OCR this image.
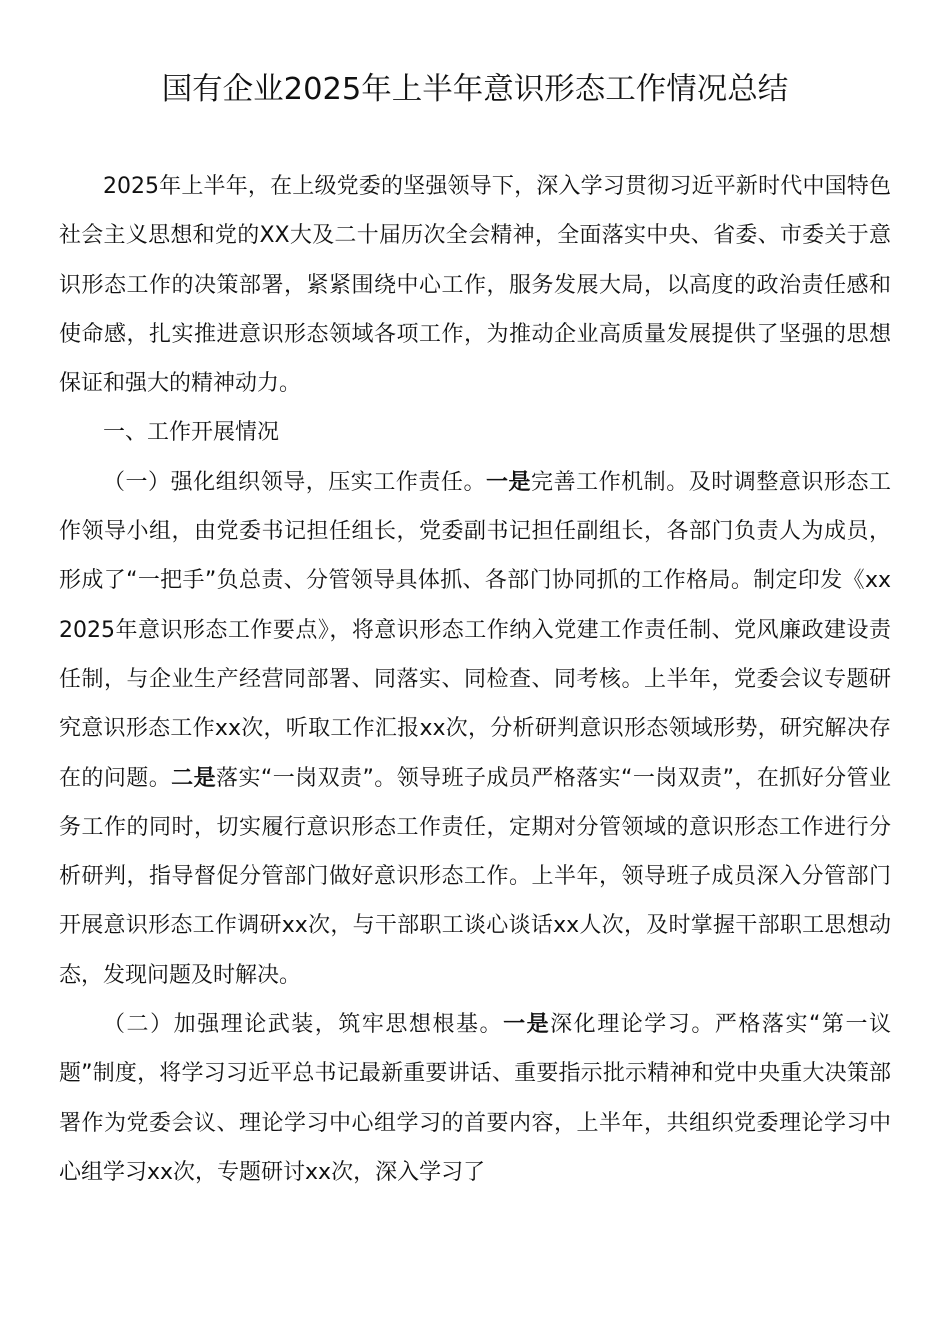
国有企业2025年上半年意识形态工作情况总结

2025年上半年，在上级党委的坚强领导下，深入学习贯彻习近平新时代中国特色社会主义思想和党的XX大及二十届历次全会精神，全面落实中央、省委、市委关于意识形态工作的决策部署，紧紧围绕中心工作，服务发展大局，以高度的政治责任感和使命感，扎实推进意识形态领域各项工作，为推动企业高质量发展提供了坚强的思想保证和强大的精神动力。

一、工作开展情况

（一）强化组织领导，压实工作责任。一是完善工作机制。及时调整意识形态工作领导小组，由党委书记担任组长，党委副书记担任副组长，各部门负责人为成员，形成了“一把手”负总责、分管领导具体抓、各部门协同抓的工作格局。制定印发《xx2025年意识形态工作要点》，将意识形态工作纳入党建工作责任制、党风廉政建设责任制，与企业生产经营同部署、同落实、同检查、同考核。上半年，党委会议专题研究意识形态工作xx次，听取工作汇报xx次，分析研判意识形态领域形势，研究解决存在的问题。二是落实“一岗双责”。领导班子成员严格落实“一岗双责”，在抓好分管业务工作的同时，切实履行意识形态工作责任，定期对分管领域的意识形态工作进行分析研判，指导督促分管部门做好意识形态工作。上半年，领导班子成员深入分管部门开展意识形态工作调研xx次，与干部职工谈心谈话xx人次，及时掌握干部职工思想动态，发现问题及时解决。

（二）加强理论武装，筑牢思想根基。一是深化理论学习。严格落实“第一议题”制度，将学习习近平总书记最新重要讲话、重要指示批示精神和党中央重大决策部署作为党委会议、理论学习中心组学习的首要内容，上半年，共组织党委理论学习中心组学习xx次，专题研讨xx次，深入学习了
